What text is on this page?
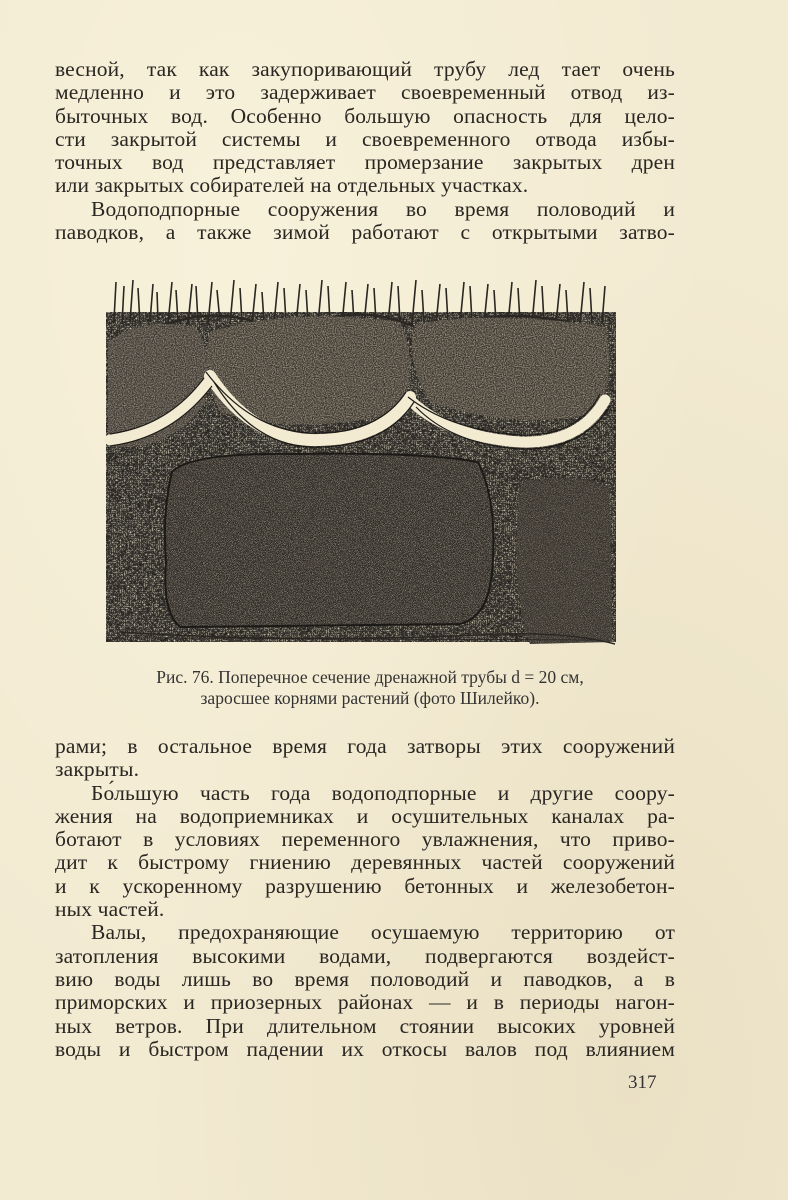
весной, так как закупоривающий трубу лед тает очень
медленно и это задерживает своевременный отвод из-
быточных вод. Особенно большую опасность для цело-
сти закрытой системы и своевременного отвода избы-
точных вод представляет промерзание закрытых дрен
или закрытых собирателей на отдельных участках.
Водоподпорные сооружения во время половодий и
паводков, а также зимой работают с открытыми затво-
Рис. 76. Поперечное сечение дренажной трубы d = 20 см,
заросшее корнями растений (фото Шилейко).
рами; в остальное время года затворы этих сооружений
закрыты.
Бо́льшую часть года водоподпорные и другие соору-
жения на водоприемниках и осушительных каналах ра-
ботают в условиях переменного увлажнения, что приво-
дит к быстрому гниению деревянных частей сооружений
и к ускоренному разрушению бетонных и железобетон-
ных частей.
Валы, предохраняющие осушаемую территорию от
затопления высокими водами, подвергаются воздейст-
вию воды лишь во время половодий и паводков, а в
приморских и приозерных районах — и в периоды нагон-
ных ветров. При длительном стоянии высоких уровней
воды и быстром падении их откосы валов под влиянием
317
